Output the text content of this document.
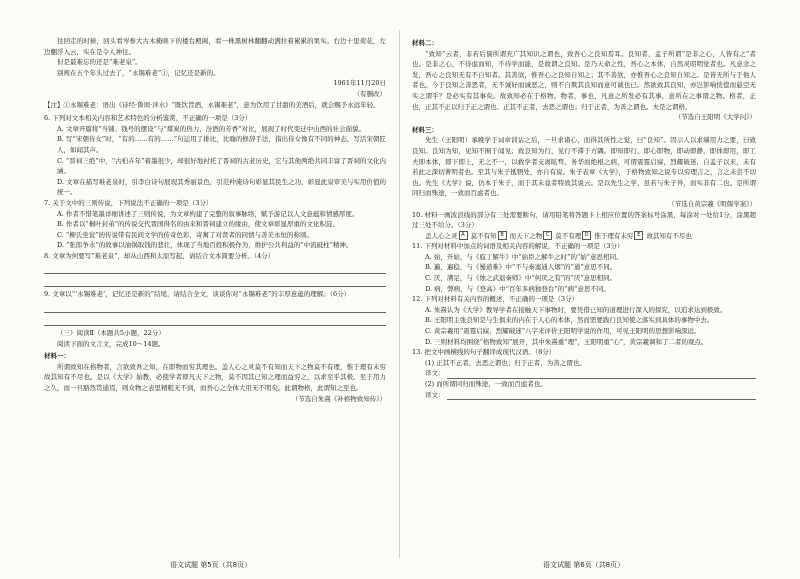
往回走的时候，回头看岑参大古木掩映下的楼台殿阁，看一株黑树林翻翻动满拉着累累的果实。右边十里荷花，左边翻浮入云，实在是令人神往。

但是最难忘的还是“难老泉”。

别规在五个年头过去了，“永锡难老”①，记忆还是新的。

1961年11月20日

（有删改）

【注】①永锡难老：语出《诗经·鲁颂·泮水》“既饮旨酒，永锡难老”，意为饮用了甘甜的美酒后，就会赐予永远年轻。

6. 下列对文本相关内容和艺术特色的分析鉴赏，不正确的一项是（3分）

A. 文章开篇将“当铺、钱号的摆设”与“煤炭的热力、汾酒的芳香”对比，展现了时代变迁中山西的社会面貌。

B. 写“宋朝侍女”时，“有的……有的……”句运用了排比，比喻的修辞手法，指出侍女像有不同的神态，写活宋朝匠人，如闻其声。

C. “晋祠三绝”中，“古柏卉年”着墨很少，却很好地衬托了晋祠的古老历史，它与其他两绝共同丰富了晋祠的文化内涵。

D. 文章在描写难老泉时，引李白诗句展现其秀丽景色，引范仲淹诗句彰显其民生之功，彰显此泉审美与实用价值的统一。

7. 关于文中的三则传说，下列说法不正确的一项是（3分）

A. 作者不惜笔墨详细讲述了三则传说，为文章构建了完整的叙事脉络，赋予游记以人文意蕴和情感厚度。

B. 作者以“桐叶封弟”的传说交代晋国得名的由来和晋祠建立的缘由，使文章彰显厚重的文化积淀。

C. “柳氏坐瓮”的传说带有民间文学的传奇色彩，寄寓了对贤者的同情与善美永恒的称颂。

D. “张郎争水”的故事以油锅取钱的悲壮，体现了当地百姓积极作为，维护公共利益的“中流砥柱”精神。

8. 文章为何要写“难老泉”，却从山西和太原写起，请结合文本简要分析。（4分）

9. 文章以“‘永锡难老’，记忆还是新的”结尾，请结合全文，谈谈你对“永锡难老”的丰厚意蕴的理解。（6分）

（三）阅读Ⅱ（本题共5小题，22分）

阅读下面的文言文，完成10～14题。

材料一：

所谓致知在格物者，言欲致吾之知，在即物而穷其理也。盖人心之灵莫不有知而天下之物莫不有理，惟于理有未穷故其知有不尽也。是以《大学》始教，必使学者即凡天下之物，莫不因其已知之理而益穷之，以求至乎其极。至于用力之久，而一旦豁然贯通焉，则众物之表里精粗无不到，而吾心之全体大用无不明矣。此谓物格，此谓知之至也。

（节选自朱熹《补格物致知传》）

材料二：

“致知”云者，非若后儒所谓充广其知识之谓也，致吾心之良知焉耳。良知者，孟子所谓“是非之心，人皆有之”者也。是非之心，不待虑而知，不待学而能，是故谓之良知。是乃天命之性，吾心之本体，自然灵昭明觉者也。凡意念之发，吾心之良知无有不自知者。其善欤，惟吾心之良知自知之；其不善欤，亦惟吾心之良知自知之。是皆无所与于他人者也。今于良知之善恶者，无不诚好而诚恶之，则不自欺其良知而意可诚也已。然欲致其良知，亦岂影响恍惚而悬空无实之谓乎？是必实有其事矣。故致知必在于格物。物者，事也，凡意之所发必有其事，意所在之事谓之物。格者，正也，正其不正以归于正之谓也。正其不正者，去恶之谓也；归于正者，为善之谓也。夫是之谓格。

（节选自王阳明《大学问》）

材料三：

先生（王阳明）承晚学于词章训诂之后，一旦求诸心，而得其所性之觉，曰“良知”。因示人以求端用力之要，曰致良知。良知为知，见知不囿于闻见；致良知为行，见行不滞于方隅。即知即行，即心即物，即动即静，即体即用，即工夫即本体，即下即上，无之不一，以救学者支离眩骛、务华而绝根之病，可谓震霆启寐，烈耀破迷，自孟子以来，未有若此之深切著明者也。至其与朱子抵牾处，亦自有说。朱子表章《大学》，于格物致知之说专以穷理言之，言之未尝不切也。先生《大学》说，仍本于朱子，而于其未竟者特致其说云。是以先生之学，虽若与朱子异，而实非有二也。是所谓同归而殊途，一致而百虑者也。

（节选自黄宗羲《明儒学案》）

10. 材料一画波浪线的部分有三处需要断句，请用铅笔将答题卡上相应位置的答案标号涂黑，每涂对一处给1分，涂黑超过三处不给分。（3分）

盖人心之灵 A 莫不有知 B 而天下之物 C 莫不有理 D 惟于理有未穷 E 故其知有不尽也

11. 下列对材料中加点的词语及相关内容的解说，不正确的一项是（3分）

A. 始，开始，与《庖丁解牛》中“始臣之解牛之时”的“始”意思相同。

B. 遍，遍稳，与《蜀道难》中“不与秦塞通人烟”的“通”意思不同。

C. 厌，满足，与《烛之武退秦师》中“何厌之有”的“厌”意思相同。

D. 病，弊病，与《登高》中“百年多病独登台”的“病”意思不同。

12. 下列对材料有关内容的概述，不正确的一项是（3分）

A. 朱熹认为《大学》教导学者在接触天下事物时，要凭借已知的道理进行深入的探究，以追求达到极致。

B. 王阳明主张良知是与生俱来的内在于人心的本体，然而需要践行良知使之落实到具体的事物中去。

C. 黄宗羲用“震霆启寐，烈耀破迷”八字来评价王阳明学说的作用，可见王阳明的思想影响深远。

D. 三则材料均围绕“格物致知”展开，其中朱熹重“理”，王阳明重“心”，黄宗羲调和了二者的观点。

13. 把文中画横线的句子翻译成现代汉语。（8分）

(1) 正其不正者，去恶之谓也；归于正者，为善之谓也。

译文：

(2) 而所谓同归而殊途，一致而百虑者也。

译文：
语文试题 第5页（共8页）	语文试题 第6页（共8页）
